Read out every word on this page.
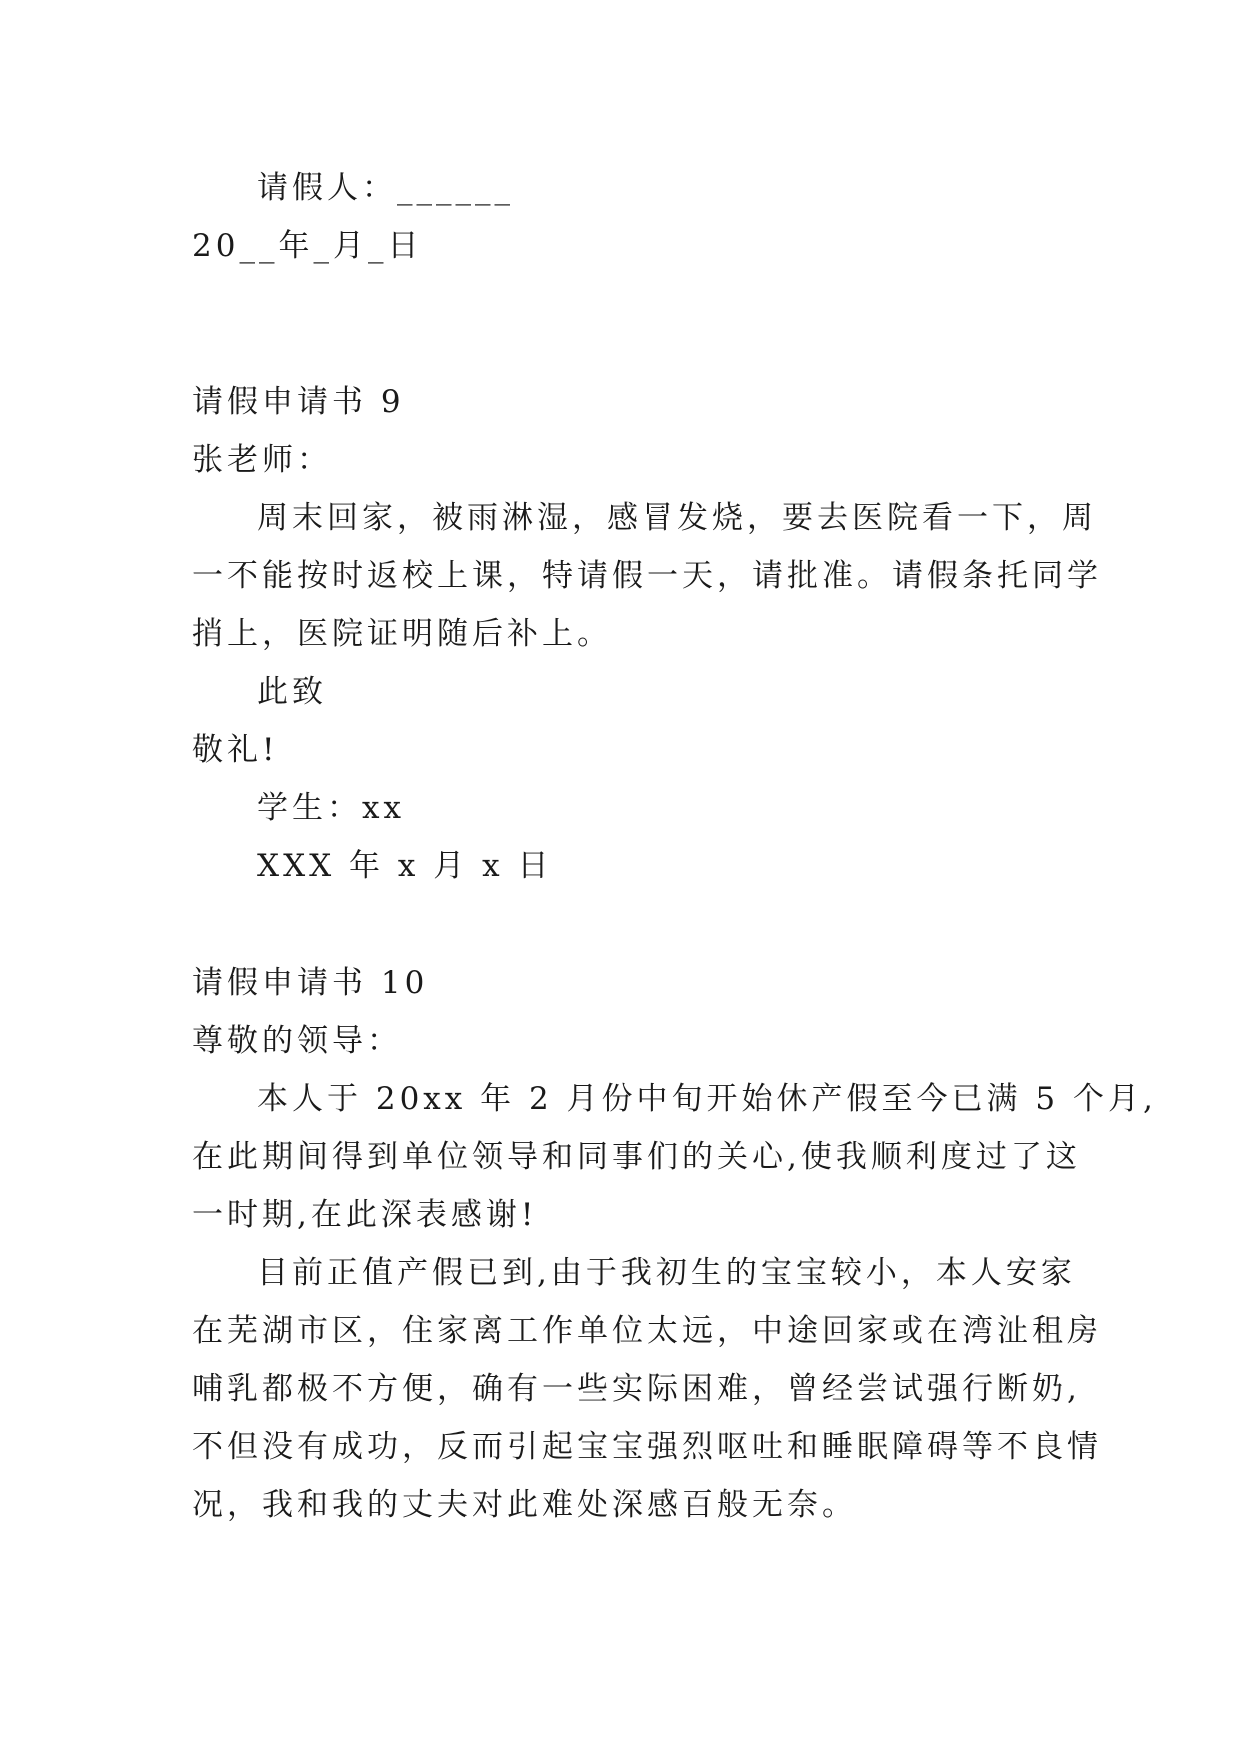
请假人：______
20__年_月_日
请假申请书 9
张老师：
周末回家，被雨淋湿，感冒发烧，要去医院看一下，周
一不能按时返校上课，特请假一天，请批准。请假条托同学
捎上，医院证明随后补上。
此致
敬礼!
学生：xx
XXX 年 x 月 x 日
请假申请书 10
尊敬的领导：
本人于 20xx 年 2 月份中旬开始休产假至今已满 5 个月,
在此期间得到单位领导和同事们的关心,使我顺利度过了这
一时期,在此深表感谢!
目前正值产假已到,由于我初生的宝宝较小，本人安家
在芜湖市区，住家离工作单位太远，中途回家或在湾沚租房
哺乳都极不方便，确有一些实际困难，曾经尝试强行断奶,
不但没有成功，反而引起宝宝强烈呕吐和睡眠障碍等不良情
况，我和我的丈夫对此难处深感百般无奈。
